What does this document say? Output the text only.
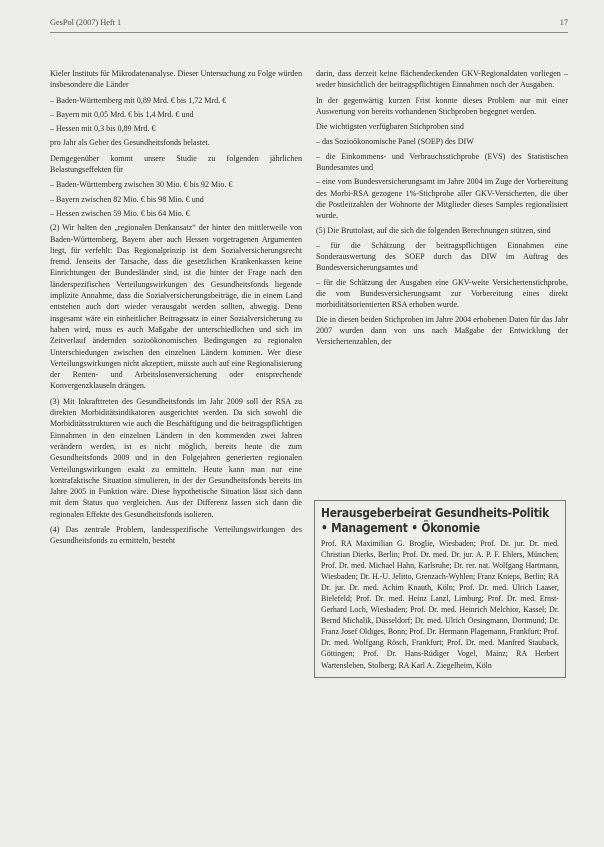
GesPol (2007) Heft 1	17

Kieler Instituts für Mikrodatenanalyse. Dieser Untersuchung zu Folge würden insbesondere die Länder

– Baden-Württemberg mit 0,89 Mrd. € bis 1,72 Mrd. €

– Bayern mit 0,05 Mrd. € bis 1,4 Mrd. € und

– Hessen mit 0,3 bis 0,89 Mrd. €

pro Jahr als Geber des Gesundheitsfonds belastet.

Demgegenüber kommt unsere Studie zu folgenden jährlichen Belastungseffekten für

– Baden-Württemberg zwischen 30 Mio. € bis 92 Mio. €

– Bayern zwischen 82 Mio. € bis 98 Mio. € und

– Hessen zwischen 59 Mio. € bis 64 Mio. €

(2) Wir halten den „regionalen Denkansatz“ der hinter den mittlerweile von Baden-Württemberg, Bayern aber auch Hessen vorgetragenen Argumenten liegt, für verfehlt: Das Regionalprinzip ist dem Sozialversicherungsrecht fremd. Jenseits der Tatsache, dass die gesetzlichen Krankenkassen keine Einrichtungen der Bundesländer sind, ist die hinter der Frage nach den länderspezifischen Verteilungswirkungen des Gesundheitsfonds liegende implizite Annahme, dass die Sozialversicherungsbeiträge, die in einem Land entstehen auch dort wieder verausgabt werden sollten, abwegig. Denn insgesamt wäre ein einheitlicher Beitragssatz in einer Sozialversicherung zu haben wird, muss es auch Maßgabe der unterschiedlichen und sich im Zeitverlauf ändernden sozioökonomischen Bedingungen zu regionalen Unterschiedungen zwischen den einzelnen Ländern kommen. Wer diese Verteilungswirkungen nicht akzeptiert, müsste auch auf eine Regionalisierung der Renten- und Arbeitslosenversicherung oder entsprechende Konvergenzklauseln drängen.

(3) Mit Inkrafttreten des Gesundheitsfonds im Jahr 2009 soll der RSA zu direkten Morbiditätsindikatoren ausgerichtet werden. Da sich sowohl die Morbiditätsstrukturen wie auch die Beschäftigung und die beitragspflichtigen Einnahmen in den einzelnen Ländern in den kommenden zwei Jahren verändern werden, ist es nicht möglich, bereits heute die zum Gesundheitsfonds 2009 und in den Folgejahren generierten regionalen Verteilungswirkungen exakt zu ermitteln. Heute kann man nur eine kontrafaktische Situation simulieren, in der der Gesundheitsfonds bereits im Jahre 2005 in Funktion wäre. Diese hypothetische Situation lässt sich dann mit dem Status quo vergleichen. Aus der Differenz lassen sich dann die regionalen Effekte des Gesundheitsfonds isolieren.

(4) Das zentrale Problem, landesspezifische Verteilungswirkungen des Gesundheitsfonds zu ermitteln, besteht

darin, dass derzeit keine flächendeckenden GKV-Regionaldaten vorliegen – weder hinsichtlich der beitragspflichtigen Einnahmen noch der Ausgaben.

In der gegenwärtig kurzen Frist konnte dieses Problem nur mit einer Auswertung von bereits vorhandenen Stichproben begegnet werden.

Die wichtigsten verfügbaren Stichproben sind

– das Sozioökonomische Panel (SOEP) des DIW

– die Einkommens- und Verbrauchsstichprobe (EVS) des Statistischen Bundesamtes und

– eine vom Bundesversicherungsamt im Jahre 2004 im Zuge der Vorbereitung des Morbi-RSA gezogene 1%-Stichprobe aller GKV-Versicherten, die über die Postleitzahlen der Wohnorte der Mitglieder dieses Samples regionalisiert wurde.

(5) Die Bruttolast, auf die sich die folgenden Berechnungen stützen, sind

– für die Schätzung der beitragspflichtigen Einnahmen eine Sonderauswertung des SOEP durch das DIW im Auftrag des Bundesversicherungsamtes und

– für die Schätzung der Ausgaben eine GKV-weite Versichertenstichprobe, die vom Bundesversicherungsamt zur Vorbereitung eines direkt morbiditätsorientierten RSA erhoben wurde.

Die in diesen beiden Stichproben im Jahre 2004 erhobenen Daten für das Jahr 2007 wurden dann von uns nach Maßgabe der Entwicklung der Versichertenzahlen, der

Herausgeberbeirat Gesundheits-Politik • Management • Ökonomie
Prof. RA Maximilian G. Broglie, Wiesbaden; Prof. Dr. jur. Dr. med. Christian Dierks, Berlin; Prof. Dr. med. Dr. jur. A. P. F. Ehlers, München; Prof. Dr. med. Michael Hahn, Karlsruhe; Dr. rer. nat. Wolfgang Hartmann, Wiesbaden; Dr. H.-U. Jelitto, Grenzach-Wyhlen; Franz Knieps, Berlin; RA Dr. jur. Dr. med. Achim Knauth, Köln; Prof. Dr. med. Ulrich Laaser, Bielefeld; Prof. Dr. med. Heinz Lanzl, Limburg; Prof. Dr. med. Ernst-Gerhard Loch, Wiesbaden; Prof. Dr. med. Heinrich Melchior, Kassel; Dr. Bernd Michalik, Düsseldorf; Dr. med. Ulrich Oesingmann, Dortmund; Dr. Franz Josef Oldiges, Bonn; Prof. Dr. Hermann Plagemann, Frankfurt; Prof. Dr. med. Wolfgang Rösch, Frankfurt; Prof. Dr. med. Manfred Stauback, Göttingen; Prof. Dr. Hans-Rüdiger Vogel, Mainz; RA Herbert Wartensleben, Stolberg; RA Karl A. Ziegelheim, Köln
